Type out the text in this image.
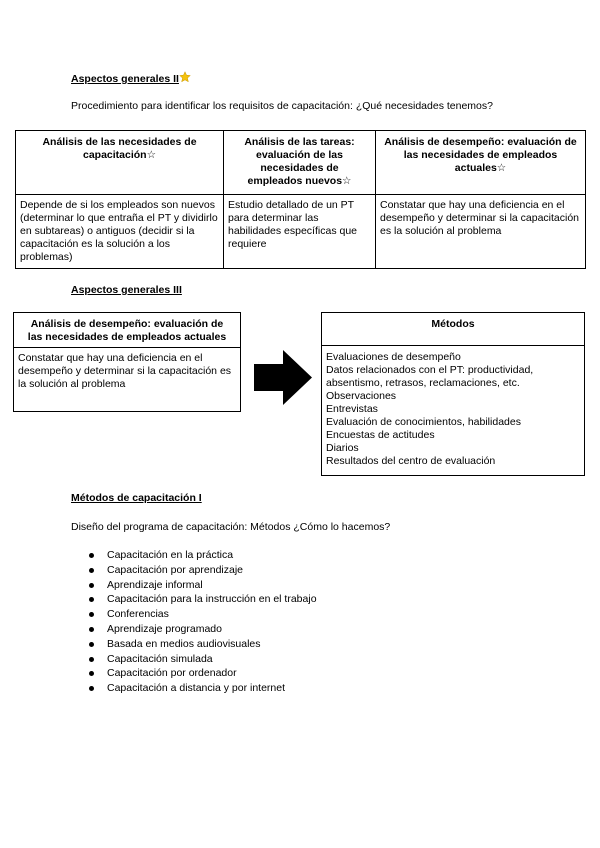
Aspectos generales II
Procedimiento para identificar los requisitos de capacitación: ¿Qué necesidades tenemos?
Análisis de las necesidades de capacitación☆	Análisis de las tareas: evaluación de las necesidades de empleados nuevos☆	Análisis de desempeño: evaluación de las necesidades de empleados actuales☆
Depende de si los empleados son nuevos (determinar lo que entraña el PT y dividirlo en subtareas) o antiguos (decidir si la capacitación es la solución a los problemas)	Estudio detallado de un PT para determinar las habilidades específicas que requiere	Constatar que hay una deficiencia en el desempeño y determinar si la capacitación es la solución al problema
Aspectos generales III
Análisis de desempeño: evaluación de las necesidades de empleados actuales
Constatar que hay una deficiencia en el desempeño y determinar si la capacitación es la solución al problema
Métodos
Evaluaciones de desempeño
Datos relacionados con el PT: productividad,
absentismo, retrasos, reclamaciones, etc.
Observaciones
Entrevistas
Evaluación de conocimientos, habilidades
Encuestas de actitudes
Diarios
Resultados del centro de evaluación
Métodos de capacitación I
Diseño del programa de capacitación: Métodos ¿Cómo lo hacemos?
Capacitación en la práctica
Capacitación por aprendizaje
Aprendizaje informal
Capacitación para la instrucción en el trabajo
Conferencias
Aprendizaje programado
Basada en medios audiovisuales
Capacitación simulada
Capacitación por ordenador
Capacitación a distancia y por internet
